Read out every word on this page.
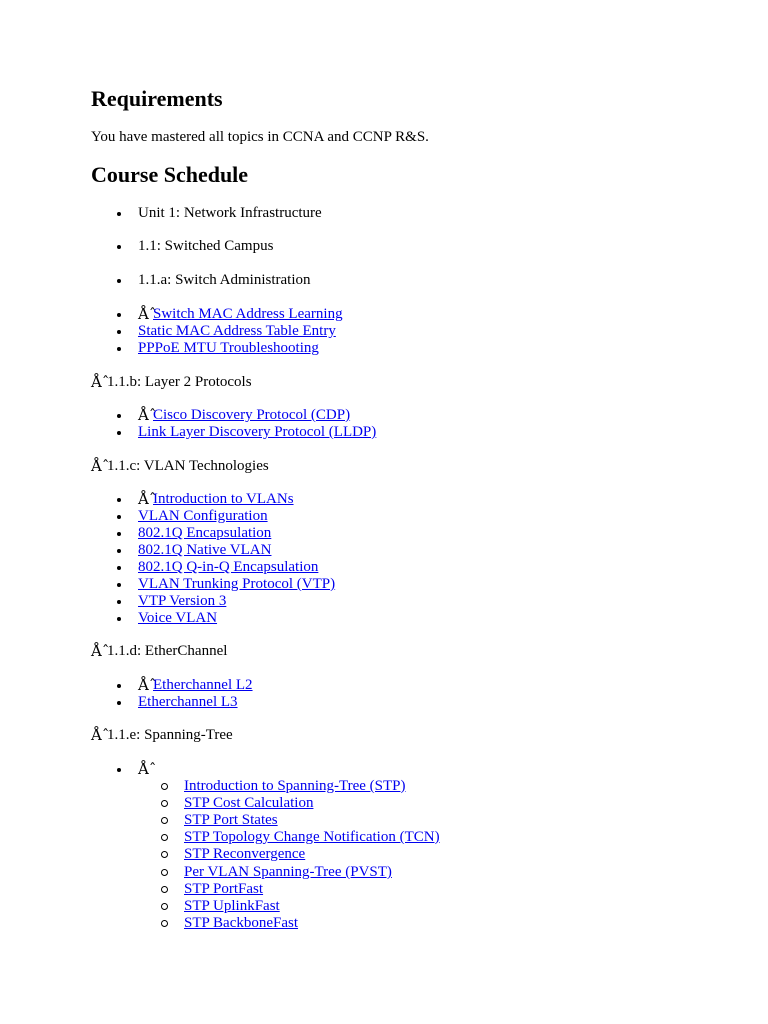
Requirements
You have mastered all topics in CCNA and CCNP R&S.
Course Schedule
Unit 1: Network Infrastructure
1.1: Switched Campus
1.1.a: Switch Administration
Åˆ
Switch MAC Address Learning
Static MAC Address Table Entry
PPPoE MTU Troubleshooting
Åˆ
1.1.b: Layer 2 Protocols
Åˆ
Cisco Discovery Protocol (CDP)
Link Layer Discovery Protocol (LLDP)
Åˆ
1.1.c: VLAN Technologies
Åˆ
Introduction to VLANs
VLAN Configuration
802.1Q Encapsulation
802.1Q Native VLAN
802.1Q Q-in-Q Encapsulation
VLAN Trunking Protocol (VTP)
VTP Version 3
Voice VLAN
Åˆ
1.1.d: EtherChannel
Åˆ
Etherchannel L2
Etherchannel L3
Åˆ
1.1.e: Spanning-Tree
Åˆ
Introduction to Spanning-Tree (STP)
STP Cost Calculation
STP Port States
STP Topology Change Notification (TCN)
STP Reconvergence
Per VLAN Spanning-Tree (PVST)
STP PortFast
STP UplinkFast
STP BackboneFast
